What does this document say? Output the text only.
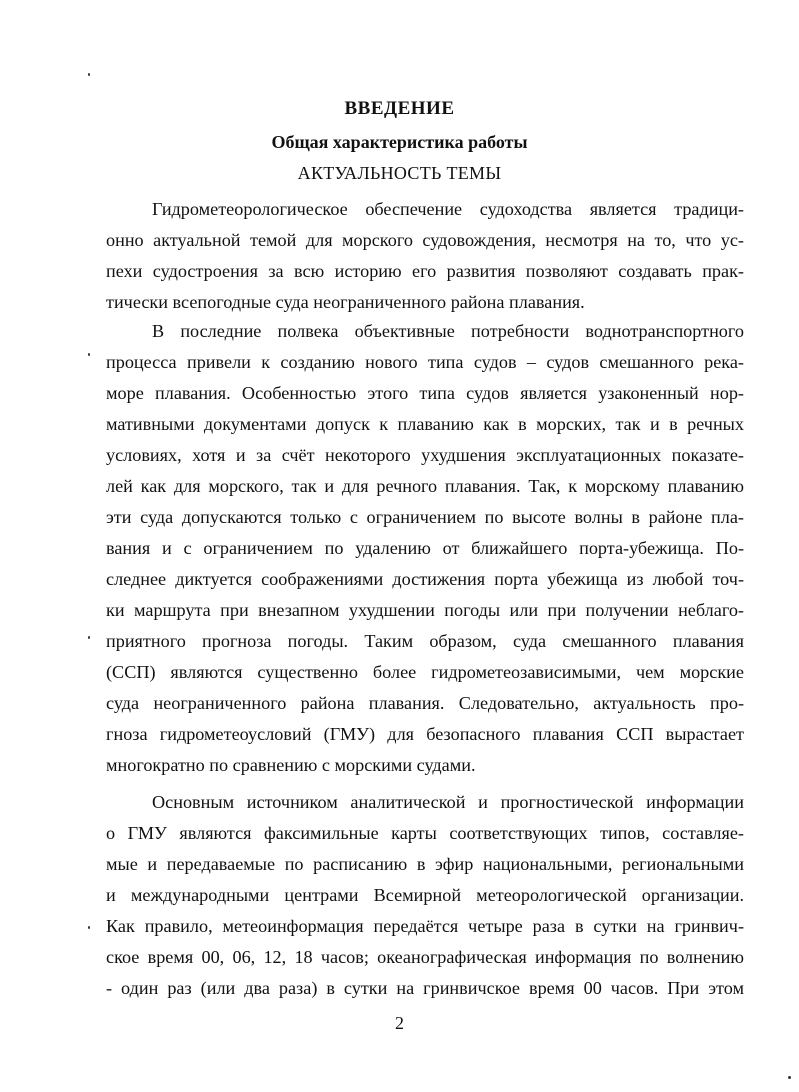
ВВЕДЕНИЕ
Общая характеристика работы
АКТУАЛЬНОСТЬ ТЕМЫ
Гидрометеорологическое обеспечение судоходства является традици-
онно актуальной темой для морского судовождения, несмотря на то, что ус-
пехи судостроения за всю историю его развития позволяют создавать прак-
тически всепогодные суда неограниченного района плавания.
В последние полвека объективные потребности воднотранспортного
процесса привели к созданию нового типа судов – судов смешанного река-
море плавания. Особенностью этого типа судов является узаконенный нор-
мативными документами допуск к плаванию как в морских, так и в речных
условиях, хотя и за счёт некоторого ухудшения эксплуатационных показате-
лей как для морского, так и для речного плавания. Так, к морскому плаванию
эти суда допускаются только с ограничением по высоте волны в районе пла-
вания и с ограничением по удалению от ближайшего порта-убежища. По-
следнее диктуется соображениями достижения порта убежища из любой точ-
ки маршрута при внезапном ухудшении погоды или при получении неблаго-
приятного прогноза погоды. Таким образом, суда смешанного плавания
(ССП) являются существенно более гидрометеозависимыми, чем морские
суда неограниченного района плавания. Следовательно, актуальность про-
гноза гидрометеоусловий (ГМУ) для безопасного плавания ССП вырастает
многократно по сравнению с морскими судами.
Основным источником аналитической и прогностической информации
о ГМУ являются факсимильные карты соответствующих типов, составляе-
мые и передаваемые по расписанию в эфир национальными, региональными
и международными центрами Всемирной метеорологической организации.
Как правило, метеоинформация передаётся четыре раза в сутки на гринвич-
ское время 00, 06, 12, 18 часов; океанографическая информация по волнению
- один раз (или два раза) в сутки на гринвичское время 00 часов. При этом
2
